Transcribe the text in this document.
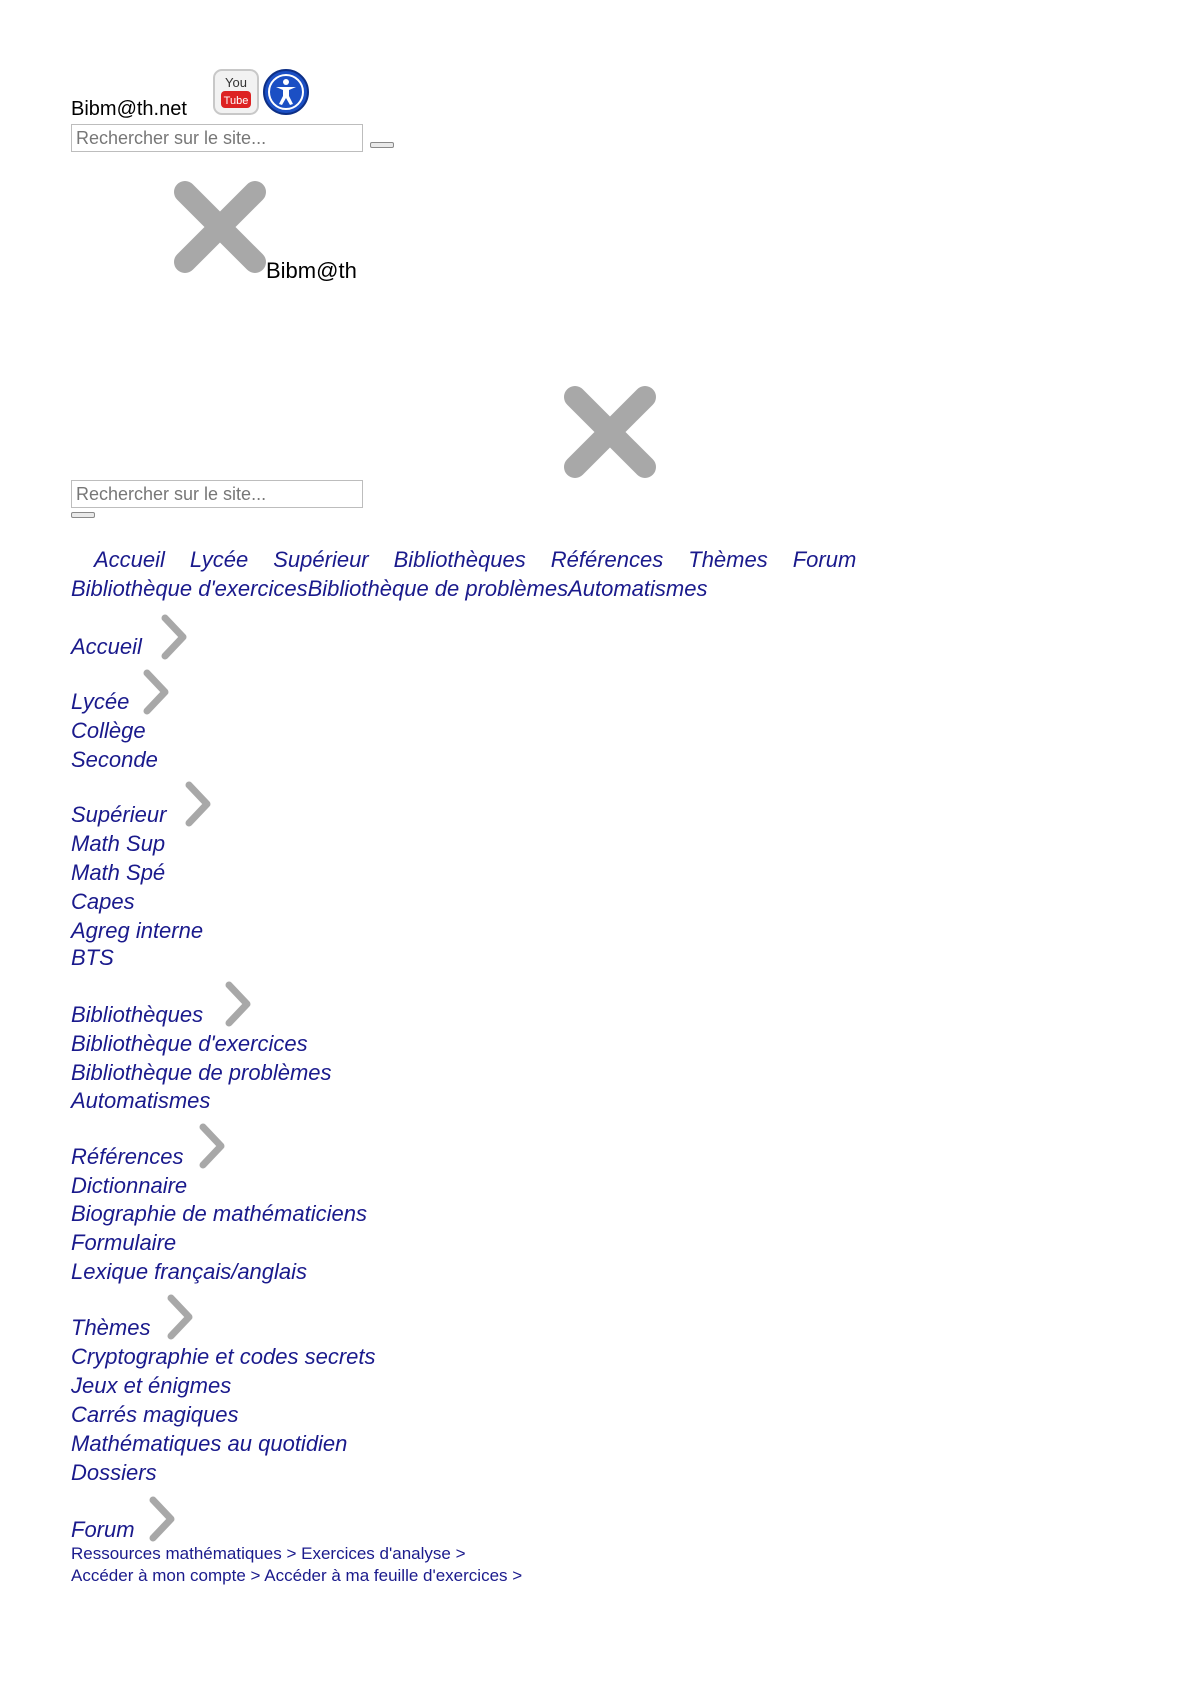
Bibm@th.net
You
Tube
Rechercher sur le site...
Bibm@th
Rechercher sur le site...
Accueil Lycée Supérieur Bibliothèques Références Thèmes Forum
Bibliothèque d'exercicesBibliothèque de problèmesAutomatismes
Accueil
Lycée
Collège
Seconde
Supérieur
Math Sup
Math Spé
Capes
Agreg interne
BTS
Bibliothèques
Bibliothèque d'exercices
Bibliothèque de problèmes
Automatismes
Références
Dictionnaire
Biographie de mathématiciens
Formulaire
Lexique français/anglais
Thèmes
Cryptographie et codes secrets
Jeux et énigmes
Carrés magiques
Mathématiques au quotidien
Dossiers
Forum
Ressources mathématiques > Exercices d'analyse >
Accéder à mon compte > Accéder à ma feuille d'exercices >
